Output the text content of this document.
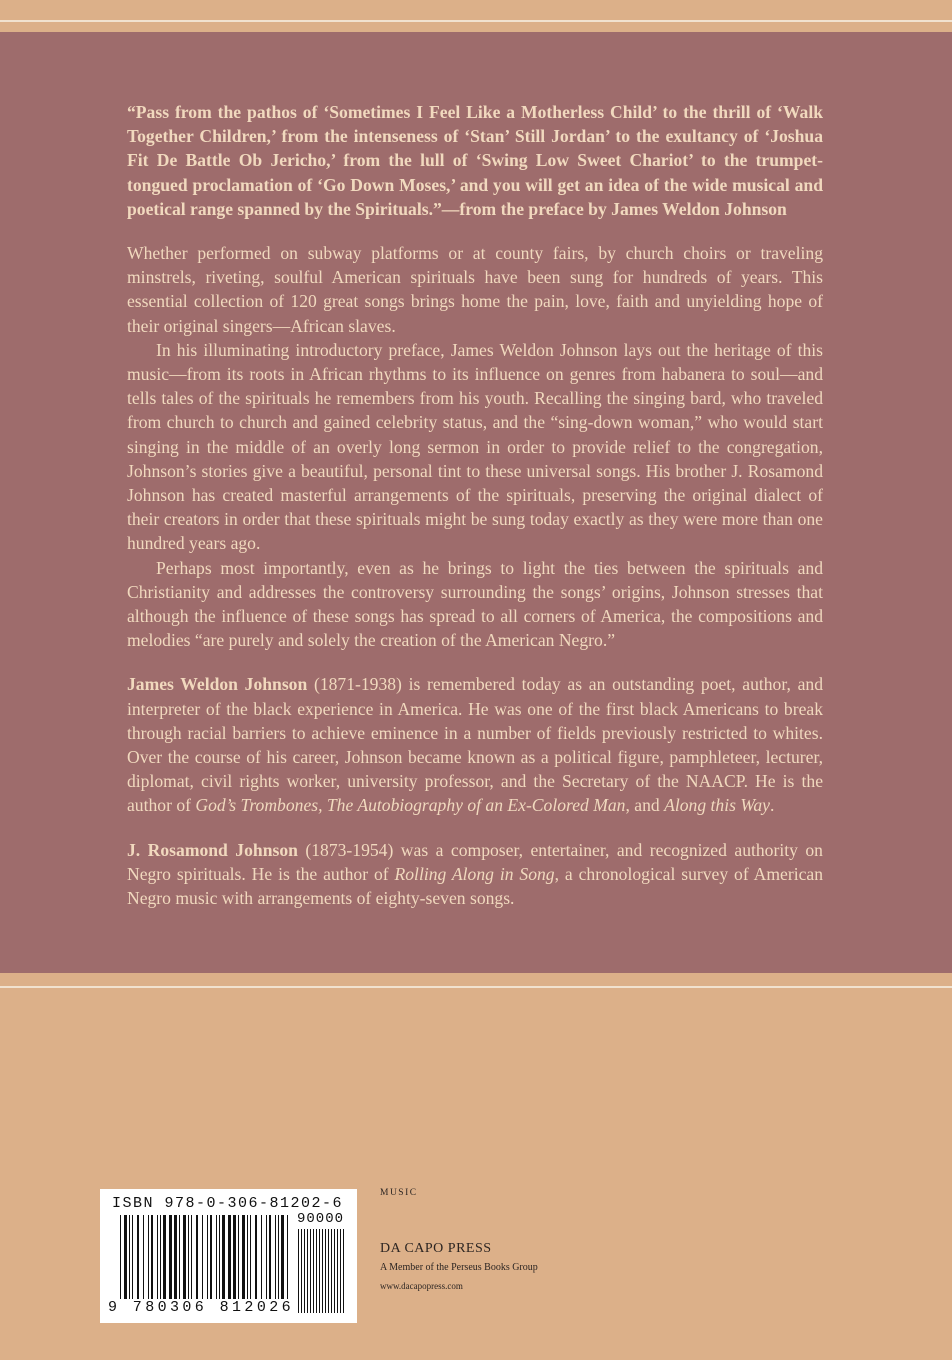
“Pass from the pathos of ‘Sometimes I Feel Like a Motherless Child’ to the thrill of ‘Walk Together Children,’ from the intenseness of ‘Stan’ Still Jordan’ to the exultancy of ‘Joshua Fit De Battle Ob Jericho,’ from the lull of ‘Swing Low Sweet Chariot’ to the trumpet-tongued proclamation of ‘Go Down Moses,’ and you will get an idea of the wide musical and poetical range spanned by the Spirituals.”—from the preface by James Weldon Johnson

Whether performed on subway platforms or at county fairs, by church choirs or traveling minstrels, riveting, soulful American spirituals have been sung for hundreds of years. This essential collection of 120 great songs brings home the pain, love, faith and unyielding hope of their original singers—African slaves.

In his illuminating introductory preface, James Weldon Johnson lays out the heritage of this music—from its roots in African rhythms to its influence on genres from habanera to soul—and tells tales of the spirituals he remembers from his youth. Recalling the singing bard, who traveled from church to church and gained celebrity status, and the “sing-down woman,” who would start singing in the middle of an overly long sermon in order to provide relief to the congregation, Johnson’s stories give a beautiful, personal tint to these universal songs. His brother J. Rosamond Johnson has created masterful arrangements of the spirituals, preserving the original dialect of their creators in order that these spirituals might be sung today exactly as they were more than one hundred years ago.

Perhaps most importantly, even as he brings to light the ties between the spirituals and Christianity and addresses the controversy surrounding the songs’ origins, Johnson stresses that although the influence of these songs has spread to all corners of America, the compositions and melodies “are purely and solely the creation of the American Negro.”

James Weldon Johnson (1871-1938) is remembered today as an outstanding poet, author, and interpreter of the black experience in America. He was one of the first black Americans to break through racial barriers to achieve eminence in a number of fields previously restricted to whites. Over the course of his career, Johnson became known as a political figure, pamphleteer, lecturer, diplomat, civil rights worker, university professor, and the Secretary of the NAACP. He is the author of God’s Trombones, The Autobiography of an Ex-Colored Man, and Along this Way.

J. Rosamond Johnson (1873-1954) was a composer, entertainer, and recognized authority on Negro spirituals. He is the author of Rolling Along in Song, a chronological survey of American Negro music with arrangements of eighty-seven songs.

ISBN 978-0-306-81202-6
90000
9 780306 812026
MUSIC
DA CAPO PRESS
A Member of the Perseus Books Group
www.dacapopress.com
